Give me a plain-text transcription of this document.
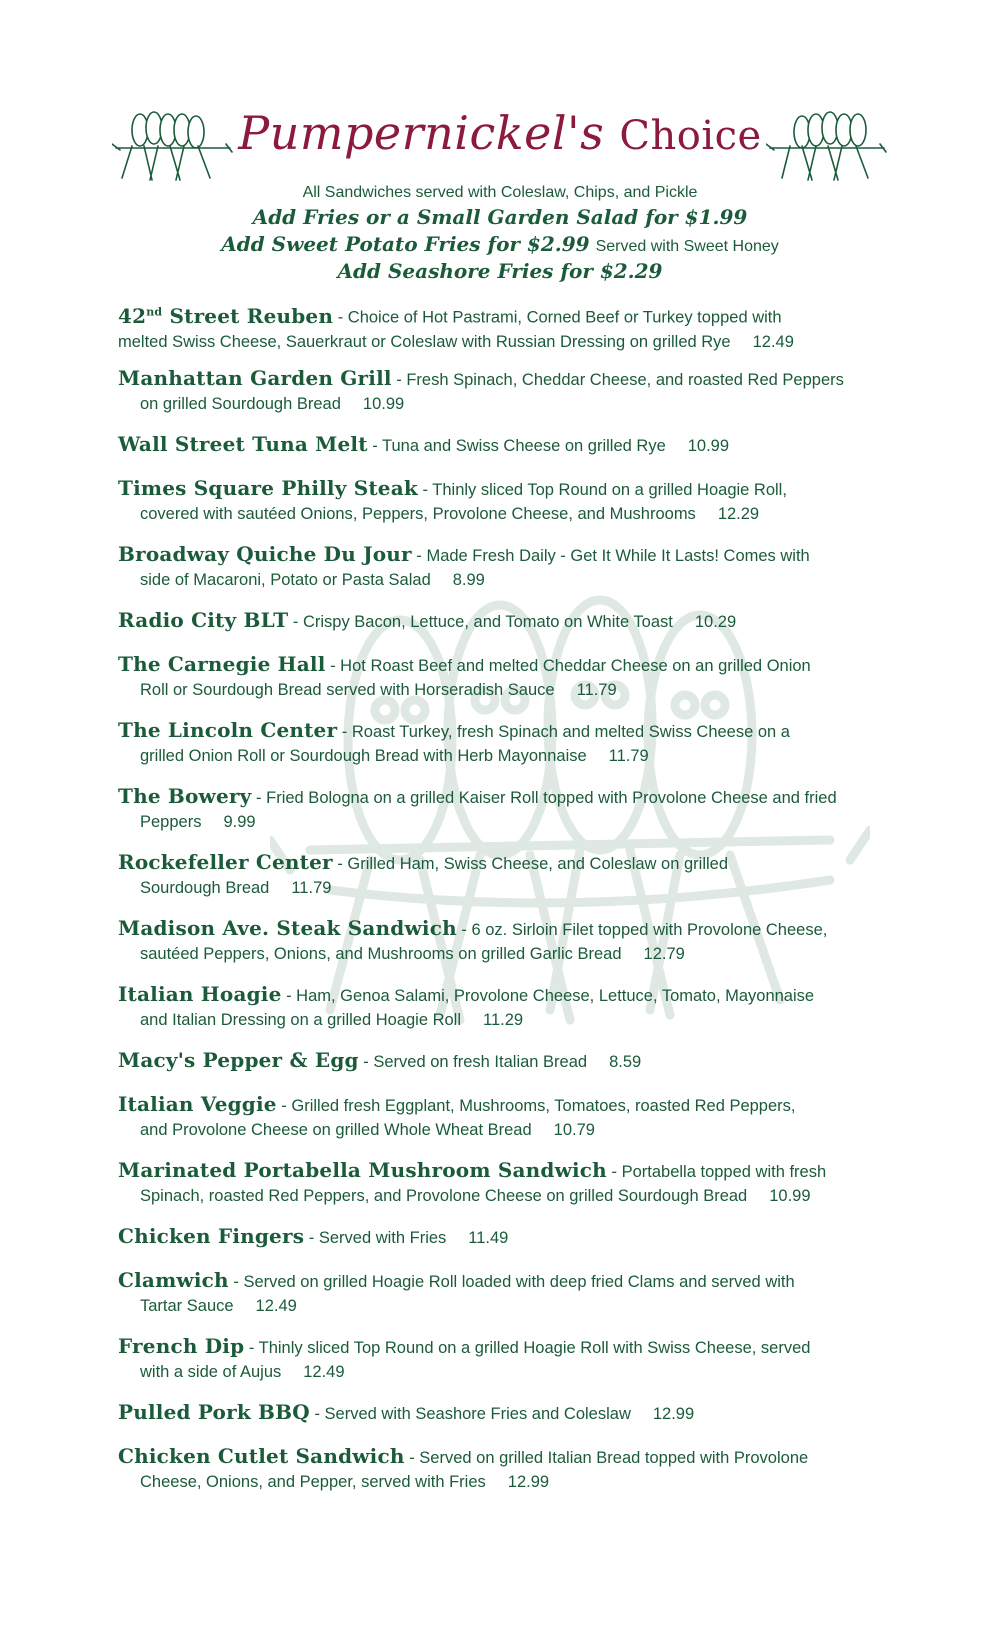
Pumpernickel's Choice
All Sandwiches served with Coleslaw, Chips, and Pickle
Add Fries or a Small Garden Salad for $1.99
Add Sweet Potato Fries for $2.99 Served with Sweet Honey
Add Seashore Fries for $2.29
42nd Street Reuben - Choice of Hot Pastrami, Corned Beef or Turkey topped with
melted Swiss Cheese, Sauerkraut or Coleslaw with Russian Dressing on grilled Rye 12.49
Manhattan Garden Grill - Fresh Spinach, Cheddar Cheese, and roasted Red Peppers
on grilled Sourdough Bread 10.99
Wall Street Tuna Melt - Tuna and Swiss Cheese on grilled Rye 10.99
Times Square Philly Steak - Thinly sliced Top Round on a grilled Hoagie Roll,
covered with sautéed Onions, Peppers, Provolone Cheese, and Mushrooms 12.29
Broadway Quiche Du Jour - Made Fresh Daily - Get It While It Lasts! Comes with
side of Macaroni, Potato or Pasta Salad 8.99
Radio City BLT - Crispy Bacon, Lettuce, and Tomato on White Toast 10.29
The Carnegie Hall - Hot Roast Beef and melted Cheddar Cheese on an grilled Onion
Roll or Sourdough Bread served with Horseradish Sauce 11.79
The Lincoln Center - Roast Turkey, fresh Spinach and melted Swiss Cheese on a
grilled Onion Roll or Sourdough Bread with Herb Mayonnaise 11.79
The Bowery - Fried Bologna on a grilled Kaiser Roll topped with Provolone Cheese and fried
Peppers 9.99
Rockefeller Center - Grilled Ham, Swiss Cheese, and Coleslaw on grilled
Sourdough Bread 11.79
Madison Ave. Steak Sandwich - 6 oz. Sirloin Filet topped with Provolone Cheese,
sautéed Peppers, Onions, and Mushrooms on grilled Garlic Bread 12.79
Italian Hoagie - Ham, Genoa Salami, Provolone Cheese, Lettuce, Tomato, Mayonnaise
and Italian Dressing on a grilled Hoagie Roll 11.29
Macy's Pepper & Egg - Served on fresh Italian Bread 8.59
Italian Veggie - Grilled fresh Eggplant, Mushrooms, Tomatoes, roasted Red Peppers,
and Provolone Cheese on grilled Whole Wheat Bread 10.79
Marinated Portabella Mushroom Sandwich - Portabella topped with fresh
Spinach, roasted Red Peppers, and Provolone Cheese on grilled Sourdough Bread 10.99
Chicken Fingers - Served with Fries 11.49
Clamwich - Served on grilled Hoagie Roll loaded with deep fried Clams and served with
Tartar Sauce 12.49
French Dip - Thinly sliced Top Round on a grilled Hoagie Roll with Swiss Cheese, served
with a side of Aujus 12.49
Pulled Pork BBQ - Served with Seashore Fries and Coleslaw 12.99
Chicken Cutlet Sandwich - Served on grilled Italian Bread topped with Provolone
Cheese, Onions, and Pepper, served with Fries 12.99
